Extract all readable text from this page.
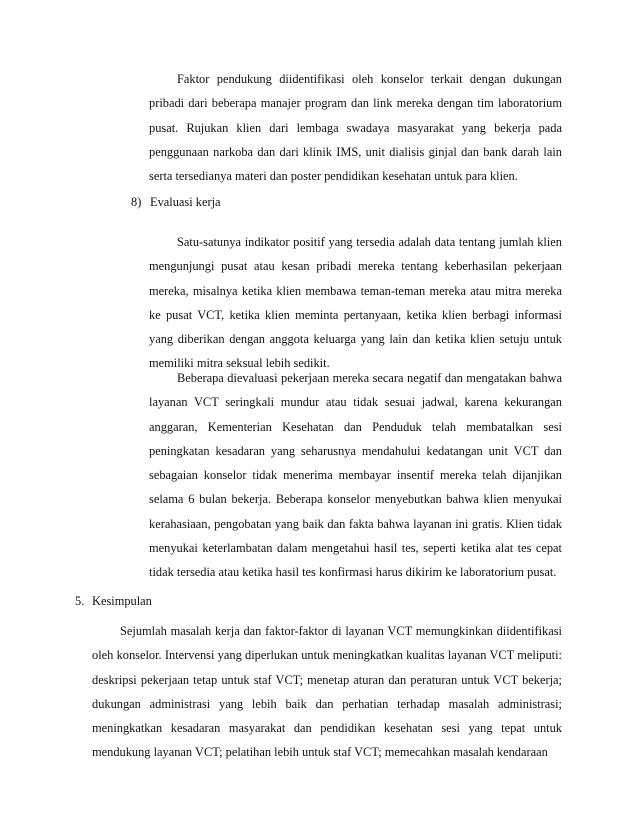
Faktor pendukung diidentifikasi oleh konselor terkait dengan dukungan pribadi dari beberapa manajer program dan link mereka dengan tim laboratorium pusat. Rujukan klien dari lembaga swadaya masyarakat yang bekerja pada penggunaan narkoba dan dari klinik IMS, unit dialisis ginjal dan bank darah lain serta tersedianya materi dan poster pendidikan kesehatan untuk para klien.

8) Evaluasi kerja

Satu-satunya indikator positif yang tersedia adalah data tentang jumlah klien mengunjungi pusat atau kesan pribadi mereka tentang keberhasilan pekerjaan mereka, misalnya ketika klien membawa teman-teman mereka atau mitra mereka ke pusat VCT, ketika klien meminta pertanyaan, ketika klien berbagi informasi yang diberikan dengan anggota keluarga yang lain dan ketika klien setuju untuk memiliki mitra seksual lebih sedikit.

Beberapa dievaluasi pekerjaan mereka secara negatif dan mengatakan bahwa layanan VCT seringkali mundur atau tidak sesuai jadwal, karena kekurangan anggaran, Kementerian Kesehatan dan Penduduk telah membatalkan sesi peningkatan kesadaran yang seharusnya mendahului kedatangan unit VCT dan sebagaian konselor tidak menerima membayar insentif mereka telah dijanjikan selama 6 bulan bekerja. Beberapa konselor menyebutkan bahwa klien menyukai kerahasiaan, pengobatan yang baik dan fakta bahwa layanan ini gratis. Klien tidak menyukai keterlambatan dalam mengetahui hasil tes, seperti ketika alat tes cepat tidak tersedia atau ketika hasil tes konfirmasi harus dikirim ke laboratorium pusat.

5. Kesimpulan

Sejumlah masalah kerja dan faktor-faktor di layanan VCT memungkinkan diidentifikasi oleh konselor. Intervensi yang diperlukan untuk meningkatkan kualitas layanan VCT meliputi: deskripsi pekerjaan tetap untuk staf VCT; menetap aturan dan peraturan untuk VCT bekerja; dukungan administrasi yang lebih baik dan perhatian terhadap masalah administrasi; meningkatkan kesadaran masyarakat dan pendidikan kesehatan sesi yang tepat untuk mendukung layanan VCT; pelatihan lebih untuk staf VCT; memecahkan masalah kendaraan
